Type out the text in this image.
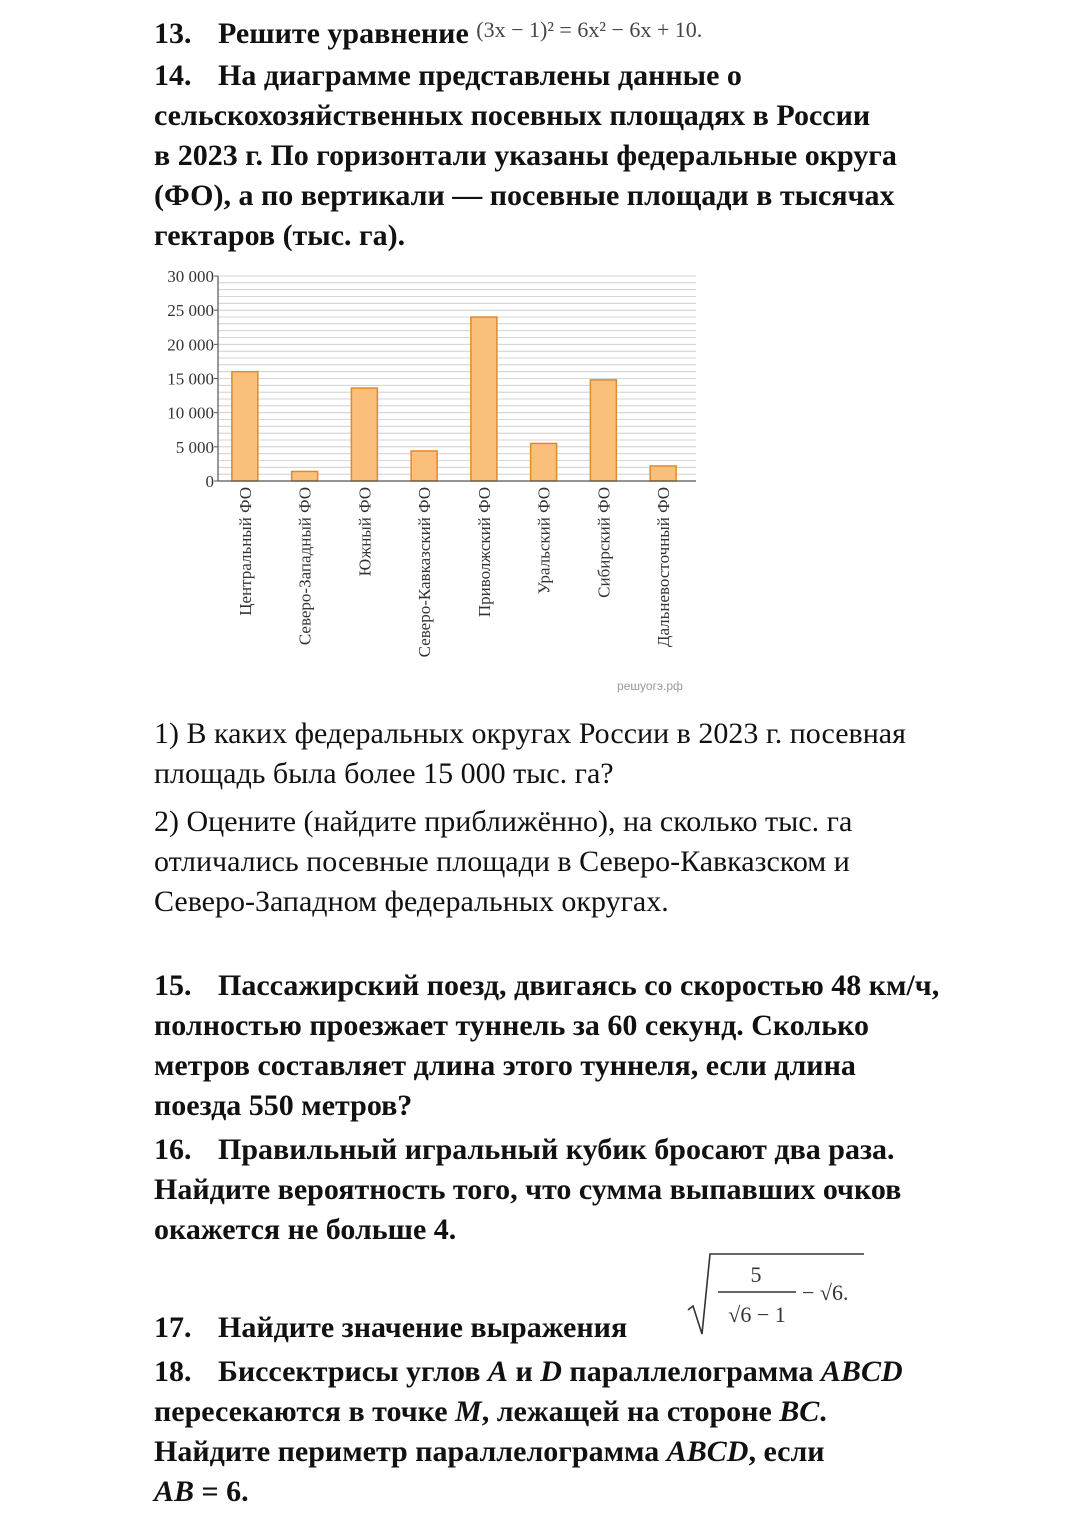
13. Решите уравнение $^{(3x - 1)^2 = 6x^2 - 6x + 10.}$
14. На диаграмме представлены данные о
сельскохозяйственных посевных площадях в России
в 2023 г. По горизонтали указаны федеральные округа
(ФО), а по вертикали — посевные площади в тысячах
гектаров (тыс. га).
0
5 000
10 000
15 000
20 000
25 000
30 000
Центральный ФО Северо-Западный ФО Южный ФО Северо-Кавказский ФО Приволжский ФО Уральский ФО Сибирский ФО Дальневосточный ФО
решуогэ.рф
1) В каких федеральных округах России в 2023 г. посевная
площадь была более 15 000 тыс. га?
2) Оцените (найдите приближённо), на сколько тыс. га
отличались посевные площади в Северо-Кавказском и
Северо-Западном федеральных округах.
15. Пассажирский поезд, двигаясь со скоростью 48 км/ч,
полностью проезжает туннель за 60 секунд. Сколько
метров составляет длина этого туннеля, если длина
поезда 550 метров?
16. Правильный игральный кубик бросают два раза.
Найдите вероятность того, что сумма выпавших очков
окажется не больше 4.
17. Найдите значение выражения
5
√6 − 1
− √6.
18. Биссектрисы углов A и D параллелограмма ABCD
пересекаются в точке M, лежащей на стороне BC.
Найдите периметр параллелограмма ABCD, если
AB = 6.
